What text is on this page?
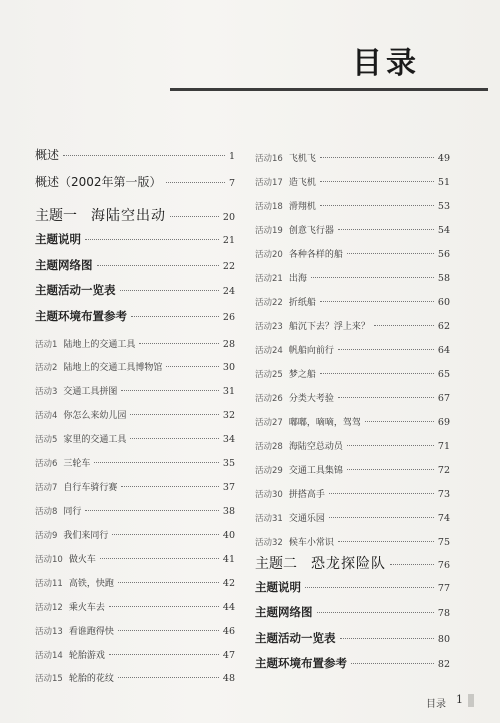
目录
概述	1
概述（2002年第一版）	7
主题一 海陆空出动	20
主题说明	21
主题网络图	22
主题活动一览表	24
主题环境布置参考	26
活动1 陆地上的交通工具	28
活动2 陆地上的交通工具博物馆	30
活动3 交通工具拼图	31
活动4 你怎么来幼儿园	32
活动5 家里的交通工具	34
活动6 三轮车	35
活动7 自行车骑行赛	37
活动8 同行	38
活动9 我们来同行	40
活动10 做火车	41
活动11 高铁，快跑	42
活动12 乘火车去	44
活动13 看谁跑得快	46
活动14 轮胎游戏	47
活动15 轮胎的花纹	48
活动16 飞机飞	49
活动17 造飞机	51
活动18 滑翔机	53
活动19 创意飞行器	54
活动20 各种各样的船	56
活动21 出海	58
活动22 折纸船	60
活动23 船沉下去？浮上来？	62
活动24 帆船向前行	64
活动25 梦之船	65
活动26 分类大考验	67
活动27 嘟嘟，嘀嘀，驾驾	69
活动28 海陆空总动员	71
活动29 交通工具集锦	72
活动30 拼搭高手	73
活动31 交通乐园	74
活动32 候车小常识	75
主题二 恐龙探险队	76
主题说明	77
主题网络图	78
主题活动一览表	80
主题环境布置参考	82
目录 1
